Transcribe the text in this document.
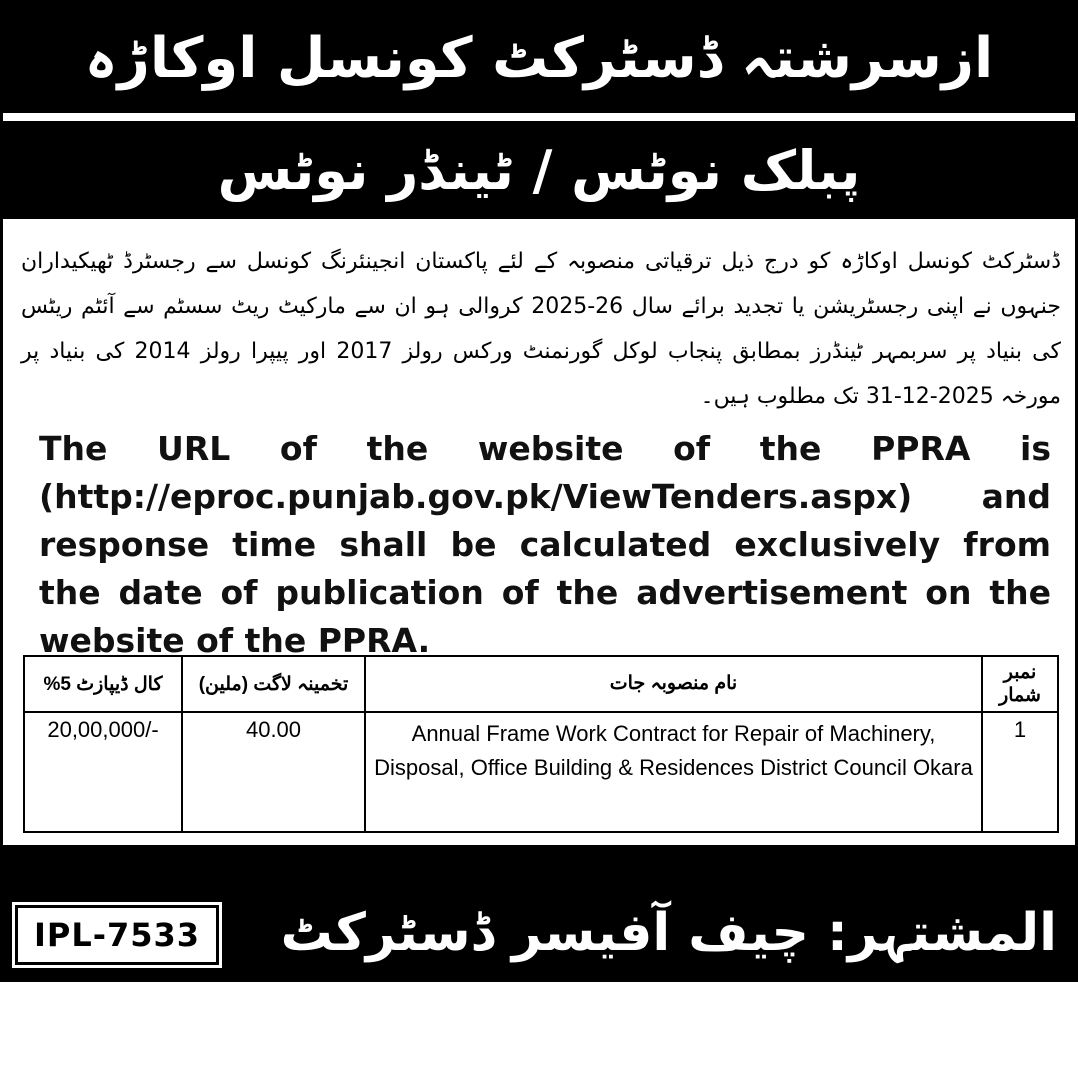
ازسرشتہ ڈسٹرکٹ کونسل اوکاڑہ
پبلک نوٹس / ٹینڈر نوٹس
ڈسٹرکٹ کونسل اوکاڑہ کو درج ذیل ترقیاتی منصوبہ کے لئے پاکستان انجینئرنگ کونسل سے رجسٹرڈ ٹھیکیداران جنہوں نے اپنی رجسٹریشن یا تجدید برائے سال 26-2025 کروالی ہو ان سے مارکیٹ ریٹ سسٹم سے آئٹم ریٹس کی بنیاد پر سربمہر ٹینڈرز بمطابق پنجاب لوکل گورنمنٹ ورکس رولز 2017 اور پیپرا رولز 2014 کی بنیاد پر مورخہ 2025-12-31 تک مطلوب ہیں۔
The URL of the website of the PPRA is (http://eproc.punjab.gov.pk/ViewTenders.aspx) and response time shall be calculated exclusively from the date of publication of the advertisement on the website of the PPRA.
کال ڈیپازٹ 5%	تخمینہ لاگت (ملین)	نام منصوبہ جات	نمبر شمار
20,00,000/-	40.00	Annual Frame Work Contract for Repair of Machinery, Disposal, Office Building & Residences District Council Okara	1
IPL-7533	المشتہر: چیف آفیسر ڈسٹرکٹ کونسل اوکاڑہ
